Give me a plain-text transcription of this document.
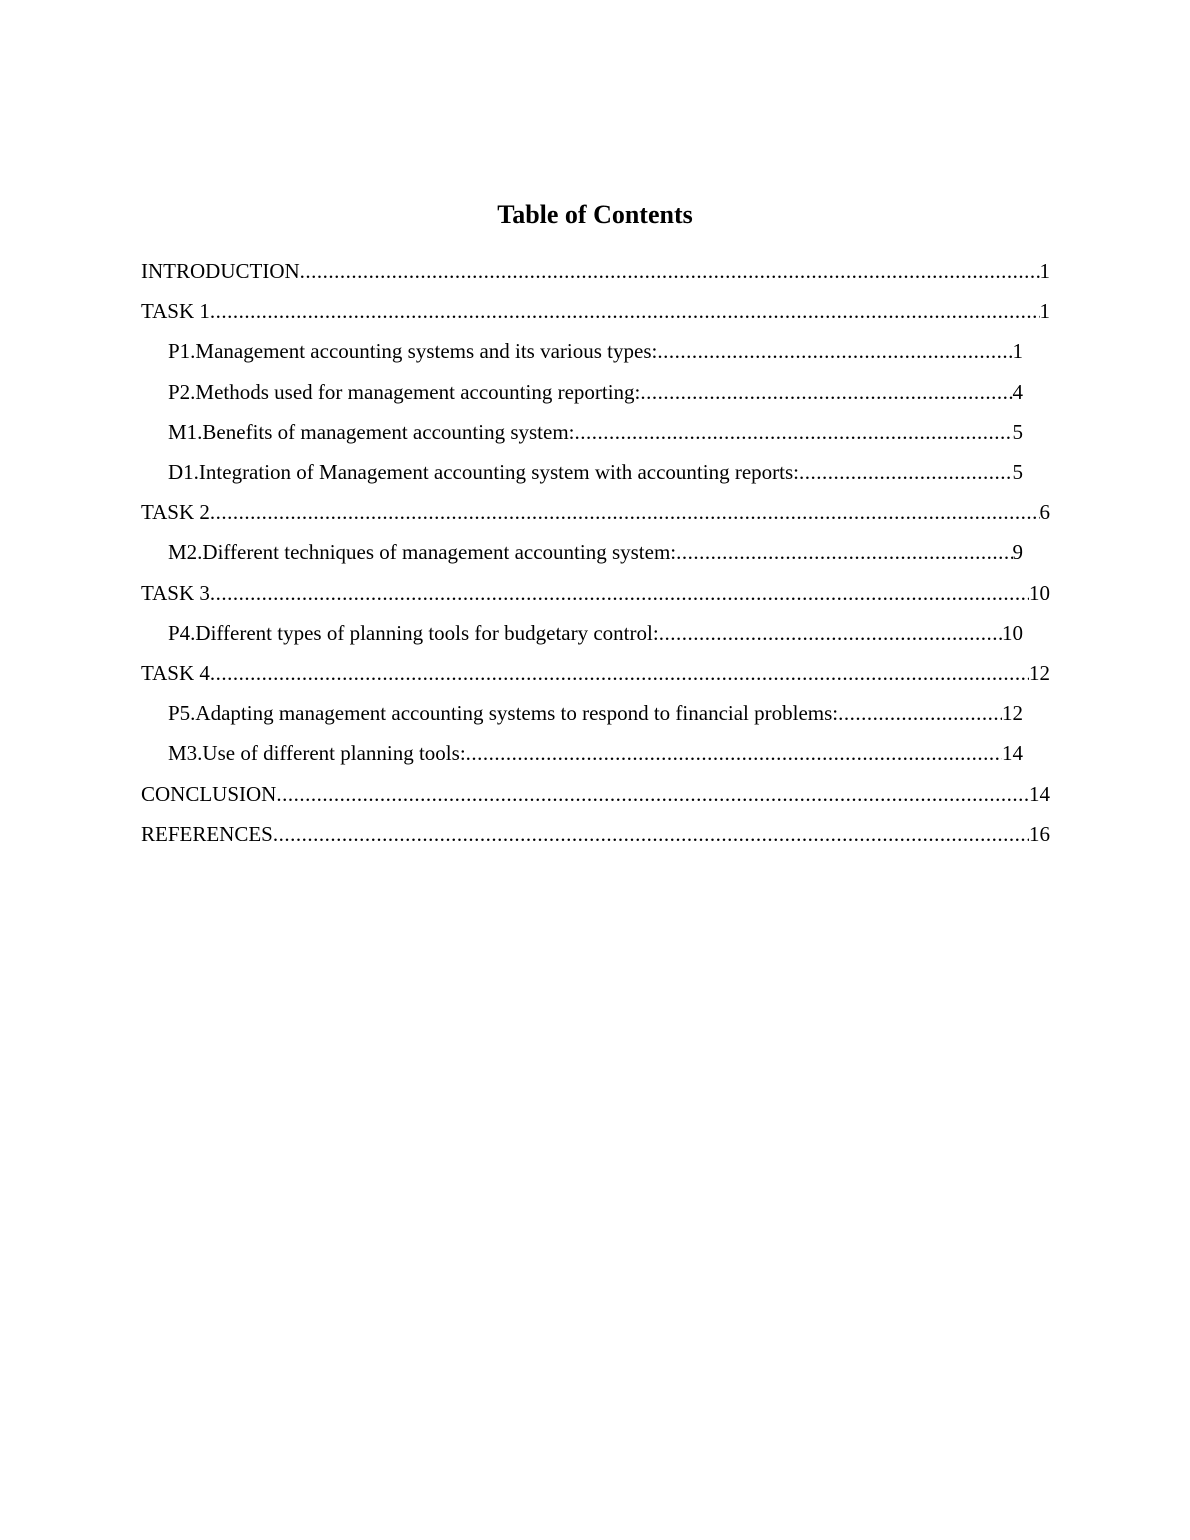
Table of Contents
INTRODUCTION .....	1
TASK 1 .....	1
P1.Management accounting systems and its various types: .....	1
P2.Methods used for management accounting reporting: .....	4
M1.Benefits of management accounting system: .....	5
D1.Integration of Management accounting system with accounting reports: .....	5
TASK 2 .....	6
M2.Different techniques of management accounting system: .....	9
TASK 3 .....	10
P4.Different types of planning tools for budgetary control: .....	10
TASK 4 .....	12
P5.Adapting management accounting systems to respond to financial problems: .....	12
M3.Use of different planning tools: .....	14
CONCLUSION .....	14
REFERENCES .....	16
